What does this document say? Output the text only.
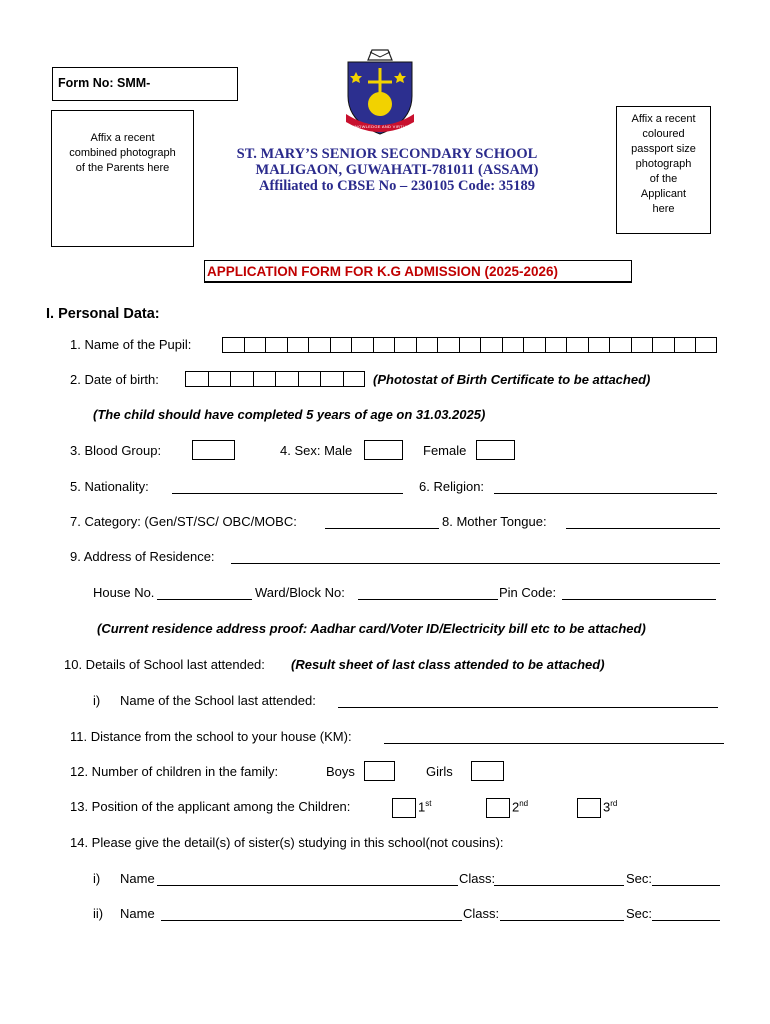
Form No: SMM-
Affix a recent
combined photograph
of the Parents here
KNOWLEDGE AND VIRTUE
ST. MARY’S SENIOR SECONDARY SCHOOL
MALIGAON, GUWAHATI-781011 (ASSAM)
Affiliated to CBSE No – 230105 Code: 35189
Affix a recent
coloured
passport size
photograph
of the
Applicant
here
APPLICATION FORM FOR K.G ADMISSION (2025-2026)
I. Personal Data:
1. Name of the Pupil:
2. Date of birth:	(Photostat of Birth Certificate to be attached)
(The child should have completed 5 years of age on 31.03.2025)
3. Blood Group:	4. Sex: Male	Female
5. Nationality:	6. Religion:
7. Category: (Gen/ST/SC/ OBC/MOBC:	8. Mother Tongue:
9. Address of Residence:
House No.	Ward/Block No:	Pin Code:
(Current residence address proof: Aadhar card/Voter ID/Electricity bill etc to be attached)
10. Details of School last attended: (Result sheet of last class attended to be attached)
i) Name of the School last attended:
11. Distance from the school to your house (KM):
12. Number of children in the family:	Boys	Girls
13. Position of the applicant among the Children:	1st	2nd	3rd
14. Please give the detail(s) of sister(s) studying in this school(not cousins):
i) Name	Class:	Sec:
ii) Name	Class:	Sec:
